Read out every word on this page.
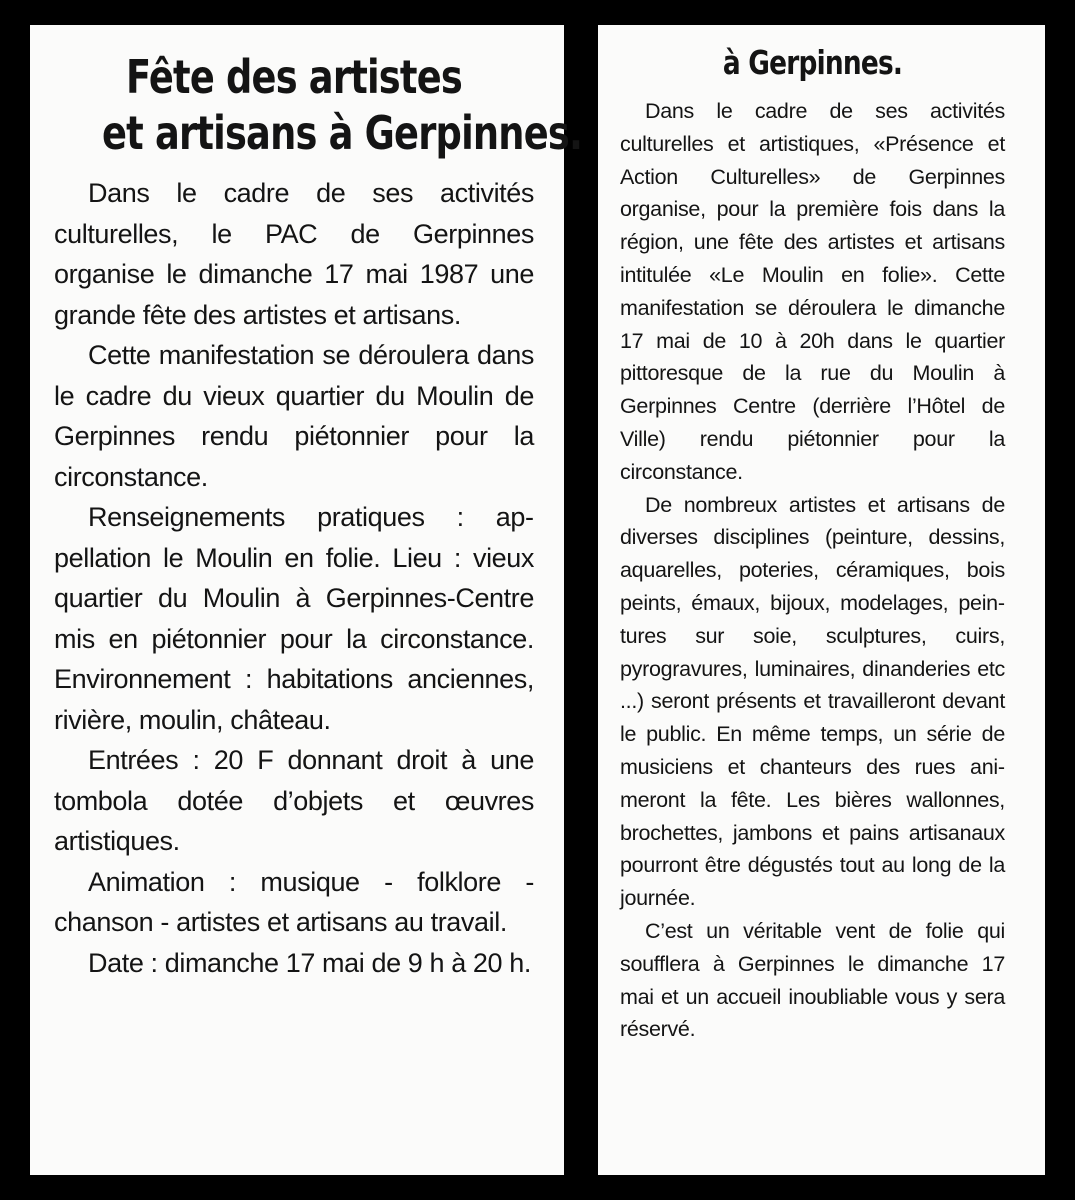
Fête des artistes
et artisans à Gerpinnes.

Dans le cadre de ses activités culturelles, le PAC de Gerpinnes organise le dimanche 17 mai 1987 une grande fête des artistes et artisans.

Cette manifestation se déroulera dans le cadre du vieux quartier du Moulin de Gerpinnes rendu piétonnier pour la circonstance.

Renseignements pratiques : appellation le Moulin en folie. Lieu : vieux quartier du Moulin à Gerpinnes-Centre mis en piétonnier pour la circonstance. Environnement : habitations anciennes, rivière, moulin, château.

Entrées : 20 F donnant droit à une tombola dotée d’objets et œuvres artistiques.

Animation : musique - folklore - chanson - artistes et artisans au travail.

Date : dimanche 17 mai de 9 h à 20 h.

à Gerpinnes.

Dans le cadre de ses activités culturelles et artistiques, «Présence et Action Culturelles» de Gerpinnes organise, pour la première fois dans la région, une fête des artistes et artisans intitulée «Le Moulin en folie». Cette manifestation se déroulera le dimanche 17 mai de 10 à 20h dans le quartier pittoresque de la rue du Moulin à Gerpinnes Centre (derrière l’Hôtel de Ville) rendu piétonnier pour la circonstance.

De nombreux artistes et artisans de diverses disciplines (peinture, dessins, aquarelles, poteries, céramiques, bois peints, émaux, bijoux, modelages, peintures sur soie, sculptures, cuirs, pyrogravures, luminaires, dinanderies etc ...) seront présents et travailleront devant le public. En même temps, un série de musiciens et chanteurs des rues animeront la fête. Les bières wallonnes, brochettes, jambons et pains artisanaux pourront être dégustés tout au long de la journée.

C’est un véritable vent de folie qui soufflera à Gerpinnes le dimanche 17 mai et un accueil inoubliable vous y sera réservé.
